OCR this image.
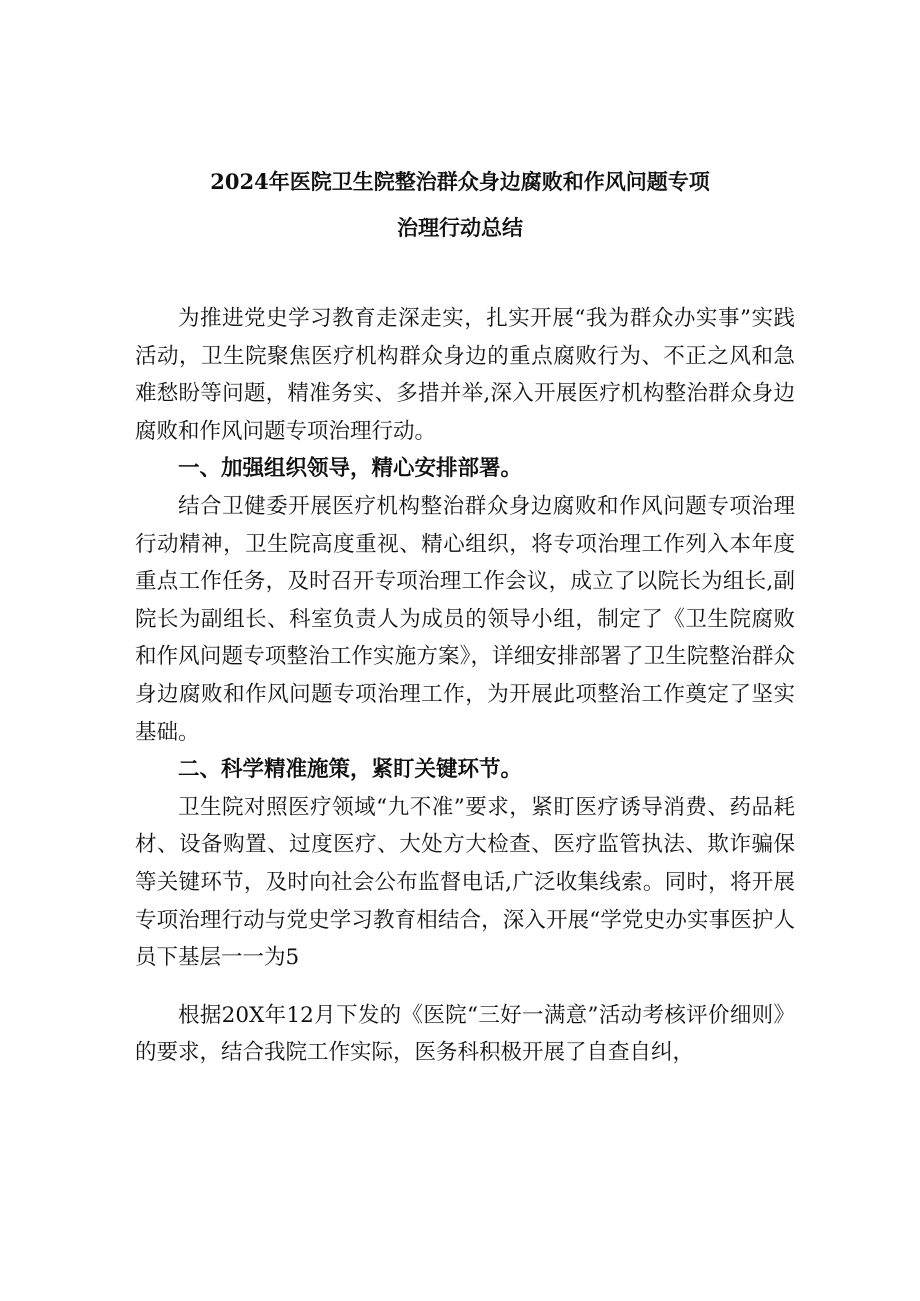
2024年医院卫生院整治群众身边腐败和作风问题专项
治理行动总结

为推进党史学习教育走深走实，扎实开展“我为群众办实事”实践活动，卫生院聚焦医疗机构群众身边的重点腐败行为、不正之风和急难愁盼等问题，精准务实、多措并举,深入开展医疗机构整治群众身边腐败和作风问题专项治理行动。

一、加强组织领导，精心安排部署。

结合卫健委开展医疗机构整治群众身边腐败和作风问题专项治理行动精神，卫生院高度重视、精心组织，将专项治理工作列入本年度重点工作任务，及时召开专项治理工作会议，成立了以院长为组长,副院长为副组长、科室负责人为成员的领导小组，制定了《卫生院腐败和作风问题专项整治工作实施方案》，详细安排部署了卫生院整治群众身边腐败和作风问题专项治理工作，为开展此项整治工作奠定了坚实基础。

二、科学精准施策，紧盯关键环节。

卫生院对照医疗领域“九不准”要求，紧盯医疗诱导消费、药品耗材、设备购置、过度医疗、大处方大检查、医疗监管执法、欺诈骗保等关键环节，及时向社会公布监督电话,广泛收集线索。同时，将开展专项治理行动与党史学习教育相结合，深入开展“学党史办实事医护人员下基层一一为5

根据20X年12月下发的《医院“三好一满意”活动考核评价细则》的要求，结合我院工作实际，医务科积极开展了自查自纠，
